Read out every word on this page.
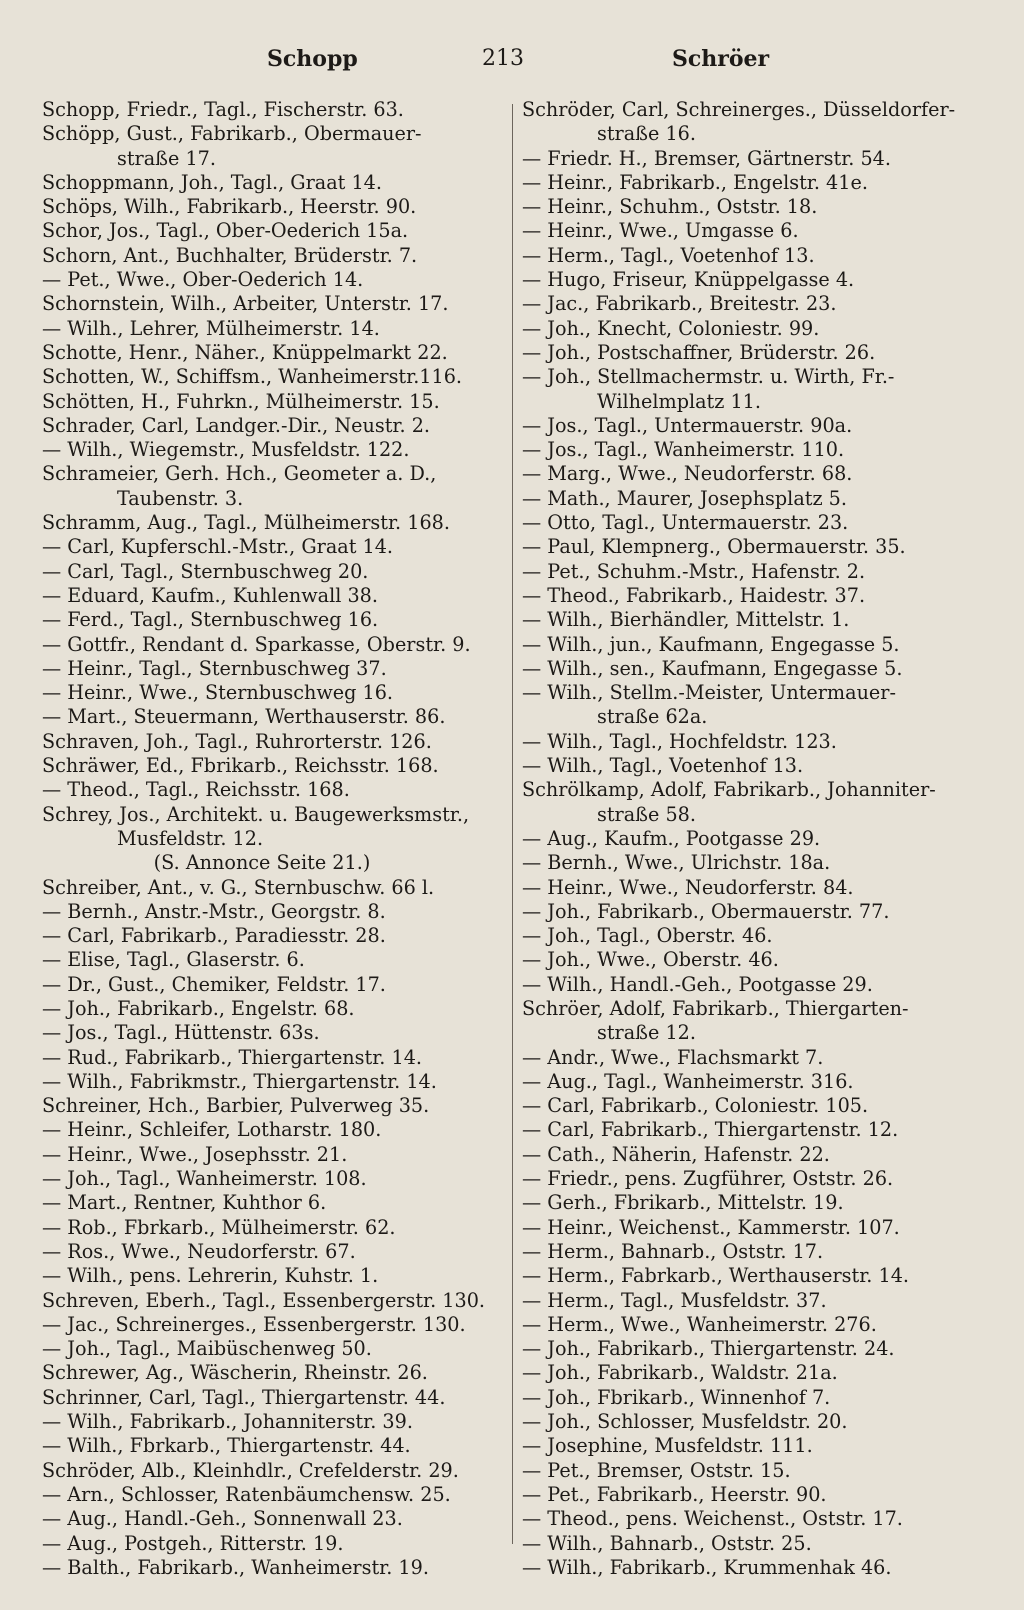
Schopp	213	Schröer
Schopp, Friedr., Tagl., Fischerstr. 63.
Schöpp, Gust., Fabrikarb., Obermauer-
straße 17.
Schoppmann, Joh., Tagl., Graat 14.
Schöps, Wilh., Fabrikarb., Heerstr. 90.
Schor, Jos., Tagl., Ober-Oederich 15a.
Schorn, Ant., Buchhalter, Brüderstr. 7.
— Pet., Wwe., Ober-Oederich 14.
Schornstein, Wilh., Arbeiter, Unterstr. 17.
— Wilh., Lehrer, Mülheimerstr. 14.
Schotte, Henr., Näher., Knüppelmarkt 22.
Schotten, W., Schiffsm., Wanheimerstr.116.
Schötten, H., Fuhrkn., Mülheimerstr. 15.
Schrader, Carl, Landger.-Dir., Neustr. 2.
— Wilh., Wiegemstr., Musfeldstr. 122.
Schrameier, Gerh. Hch., Geometer a. D.,
Taubenstr. 3.
Schramm, Aug., Tagl., Mülheimerstr. 168.
— Carl, Kupferschl.-Mstr., Graat 14.
— Carl, Tagl., Sternbuschweg 20.
— Eduard, Kaufm., Kuhlenwall 38.
— Ferd., Tagl., Sternbuschweg 16.
— Gottfr., Rendant d. Sparkasse, Oberstr. 9.
— Heinr., Tagl., Sternbuschweg 37.
— Heinr., Wwe., Sternbuschweg 16.
— Mart., Steuermann, Werthauserstr. 86.
Schraven, Joh., Tagl., Ruhrorterstr. 126.
Schräwer, Ed., Fbrikarb., Reichsstr. 168.
— Theod., Tagl., Reichsstr. 168.
Schrey, Jos., Architekt. u. Baugewerksmstr.,
Musfeldstr. 12.
(S. Annonce Seite 21.)
Schreiber, Ant., v. G., Sternbuschw. 66 l.
— Bernh., Anstr.-Mstr., Georgstr. 8.
— Carl, Fabrikarb., Paradiesstr. 28.
— Elise, Tagl., Glaserstr. 6.
— Dr., Gust., Chemiker, Feldstr. 17.
— Joh., Fabrikarb., Engelstr. 68.
— Jos., Tagl., Hüttenstr. 63s.
— Rud., Fabrikarb., Thiergartenstr. 14.
— Wilh., Fabrikmstr., Thiergartenstr. 14.
Schreiner, Hch., Barbier, Pulverweg 35.
— Heinr., Schleifer, Lotharstr. 180.
— Heinr., Wwe., Josephsstr. 21.
— Joh., Tagl., Wanheimerstr. 108.
— Mart., Rentner, Kuhthor 6.
— Rob., Fbrkarb., Mülheimerstr. 62.
— Ros., Wwe., Neudorferstr. 67.
— Wilh., pens. Lehrerin, Kuhstr. 1.
Schreven, Eberh., Tagl., Essenbergerstr. 130.
— Jac., Schreinerges., Essenbergerstr. 130.
— Joh., Tagl., Maibüschenweg 50.
Schrewer, Ag., Wäscherin, Rheinstr. 26.
Schrinner, Carl, Tagl., Thiergartenstr. 44.
— Wilh., Fabrikarb., Johanniterstr. 39.
— Wilh., Fbrkarb., Thiergartenstr. 44.
Schröder, Alb., Kleinhdlr., Crefelderstr. 29.
— Arn., Schlosser, Ratenbäumchensw. 25.
— Aug., Handl.-Geh., Sonnenwall 23.
— Aug., Postgeh., Ritterstr. 19.
— Balth., Fabrikarb., Wanheimerstr. 19.
Schröder, Carl, Schreinerges., Düsseldorfer-
straße 16.
— Friedr. H., Bremser, Gärtnerstr. 54.
— Heinr., Fabrikarb., Engelstr. 41e.
— Heinr., Schuhm., Oststr. 18.
— Heinr., Wwe., Umgasse 6.
— Herm., Tagl., Voetenhof 13.
— Hugo, Friseur, Knüppelgasse 4.
— Jac., Fabrikarb., Breitestr. 23.
— Joh., Knecht, Coloniestr. 99.
— Joh., Postschaffner, Brüderstr. 26.
— Joh., Stellmachermstr. u. Wirth, Fr.-
Wilhelmplatz 11.
— Jos., Tagl., Untermauerstr. 90a.
— Jos., Tagl., Wanheimerstr. 110.
— Marg., Wwe., Neudorferstr. 68.
— Math., Maurer, Josephsplatz 5.
— Otto, Tagl., Untermauerstr. 23.
— Paul, Klempnerg., Obermauerstr. 35.
— Pet., Schuhm.-Mstr., Hafenstr. 2.
— Theod., Fabrikarb., Haidestr. 37.
— Wilh., Bierhändler, Mittelstr. 1.
— Wilh., jun., Kaufmann, Engegasse 5.
— Wilh., sen., Kaufmann, Engegasse 5.
— Wilh., Stellm.-Meister, Untermauer-
straße 62a.
— Wilh., Tagl., Hochfeldstr. 123.
— Wilh., Tagl., Voetenhof 13.
Schrölkamp, Adolf, Fabrikarb., Johanniter-
straße 58.
— Aug., Kaufm., Pootgasse 29.
— Bernh., Wwe., Ulrichstr. 18a.
— Heinr., Wwe., Neudorferstr. 84.
— Joh., Fabrikarb., Obermauerstr. 77.
— Joh., Tagl., Oberstr. 46.
— Joh., Wwe., Oberstr. 46.
— Wilh., Handl.-Geh., Pootgasse 29.
Schröer, Adolf, Fabrikarb., Thiergarten-
straße 12.
— Andr., Wwe., Flachsmarkt 7.
— Aug., Tagl., Wanheimerstr. 316.
— Carl, Fabrikarb., Coloniestr. 105.
— Carl, Fabrikarb., Thiergartenstr. 12.
— Cath., Näherin, Hafenstr. 22.
— Friedr., pens. Zugführer, Oststr. 26.
— Gerh., Fbrikarb., Mittelstr. 19.
— Heinr., Weichenst., Kammerstr. 107.
— Herm., Bahnarb., Oststr. 17.
— Herm., Fabrkarb., Werthauserstr. 14.
— Herm., Tagl., Musfeldstr. 37.
— Herm., Wwe., Wanheimerstr. 276.
— Joh., Fabrikarb., Thiergartenstr. 24.
— Joh., Fabrikarb., Waldstr. 21a.
— Joh., Fbrikarb., Winnenhof 7.
— Joh., Schlosser, Musfeldstr. 20.
— Josephine, Musfeldstr. 111.
— Pet., Bremser, Oststr. 15.
— Pet., Fabrikarb., Heerstr. 90.
— Theod., pens. Weichenst., Oststr. 17.
— Wilh., Bahnarb., Oststr. 25.
— Wilh., Fabrikarb., Krummenhak 46.
